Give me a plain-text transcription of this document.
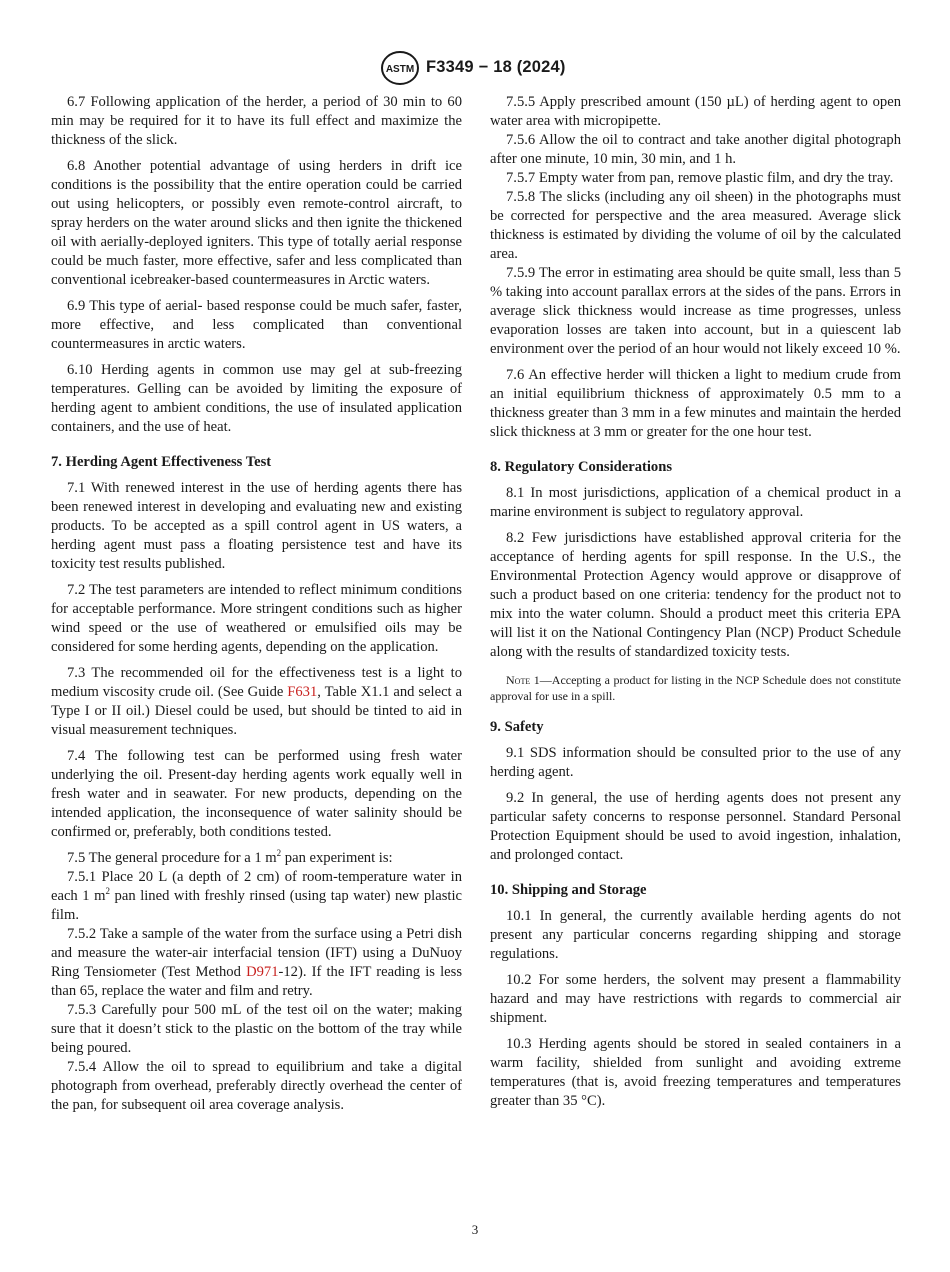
ASTM F3349 − 18 (2024)

6.7 Following application of the herder, a period of 30 min to 60 min may be required for it to have its full effect and maximize the thickness of the slick.

6.8 Another potential advantage of using herders in drift ice conditions is the possibility that the entire operation could be carried out using helicopters, or possibly even remote-control aircraft, to spray herders on the water around slicks and then ignite the thickened oil with aerially-deployed igniters. This type of totally aerial response could be much faster, more effective, safer and less complicated than conventional icebreaker-based countermeasures in Arctic waters.

6.9 This type of aerial- based response could be much safer, faster, more effective, and less complicated than conventional countermeasures in arctic waters.

6.10 Herding agents in common use may gel at sub-freezing temperatures. Gelling can be avoided by limiting the exposure of herding agent to ambient conditions, the use of insulated application containers, and the use of heat.

7. Herding Agent Effectiveness Test

7.1 With renewed interest in the use of herding agents there has been renewed interest in developing and evaluating new and existing products. To be accepted as a spill control agent in US waters, a herding agent must pass a floating persistence test and have its toxicity test results published.

7.2 The test parameters are intended to reflect minimum conditions for acceptable performance. More stringent conditions such as higher wind speed or the use of weathered or emulsified oils may be considered for some herding agents, depending on the application.

7.3 The recommended oil for the effectiveness test is a light to medium viscosity crude oil. (See Guide F631, Table X1.1 and select a Type I or II oil.) Diesel could be used, but should be tinted to aid in visual measurement techniques.

7.4 The following test can be performed using fresh water underlying the oil. Present-day herding agents work equally well in fresh water and in seawater. For new products, depending on the intended application, the inconsequence of water salinity should be confirmed or, preferably, both conditions tested.

7.5 The general procedure for a 1 $m^2$ pan experiment is:

7.5.1 Place 20 L (a depth of 2 cm) of room-temperature water in each 1 $m^2$ pan lined with freshly rinsed (using tap water) new plastic film.

7.5.2 Take a sample of the water from the surface using a Petri dish and measure the water-air interfacial tension (IFT) using a DuNuoy Ring Tensiometer (Test Method D971-12). If the IFT reading is less than 65, replace the water and film and retry.

7.5.3 Carefully pour 500 mL of the test oil on the water; making sure that it doesn’t stick to the plastic on the bottom of the tray while being poured.

7.5.4 Allow the oil to spread to equilibrium and take a digital photograph from overhead, preferably directly overhead the center of the pan, for subsequent oil area coverage analysis.

7.5.5 Apply prescribed amount (150 µL) of herding agent to open water area with micropipette.

7.5.6 Allow the oil to contract and take another digital photograph after one minute, 10 min, 30 min, and 1 h.

7.5.7 Empty water from pan, remove plastic film, and dry the tray.

7.5.8 The slicks (including any oil sheen) in the photographs must be corrected for perspective and the area measured. Average slick thickness is estimated by dividing the volume of oil by the calculated area.

7.5.9 The error in estimating area should be quite small, less than 5 % taking into account parallax errors at the sides of the pans. Errors in average slick thickness would increase as time progresses, unless evaporation losses are taken into account, but in a quiescent lab environment over the period of an hour would not likely exceed 10 %.

7.6 An effective herder will thicken a light to medium crude from an initial equilibrium thickness of approximately 0.5 mm to a thickness greater than 3 mm in a few minutes and maintain the herded slick thickness at 3 mm or greater for the one hour test.

8. Regulatory Considerations

8.1 In most jurisdictions, application of a chemical product in a marine environment is subject to regulatory approval.

8.2 Few jurisdictions have established approval criteria for the acceptance of herding agents for spill response. In the U.S., the Environmental Protection Agency would approve or disapprove of such a product based on one criteria: tendency for the product not to mix into the water column. Should a product meet this criteria EPA will list it on the National Contingency Plan (NCP) Product Schedule along with the results of standardized toxicity tests.

Note 1—Accepting a product for listing in the NCP Schedule does not constitute approval for use in a spill.
9. Safety

9.1 SDS information should be consulted prior to the use of any herding agent.

9.2 In general, the use of herding agents does not present any particular safety concerns to response personnel. Standard Personal Protection Equipment should be used to avoid ingestion, inhalation, and prolonged contact.

10. Shipping and Storage

10.1 In general, the currently available herding agents do not present any particular concerns regarding shipping and storage regulations.

10.2 For some herders, the solvent may present a flammability hazard and may have restrictions with regards to commercial air shipment.

10.3 Herding agents should be stored in sealed containers in a warm facility, shielded from sunlight and avoiding extreme temperatures (that is, avoid freezing temperatures and temperatures greater than 35 °C).

3
